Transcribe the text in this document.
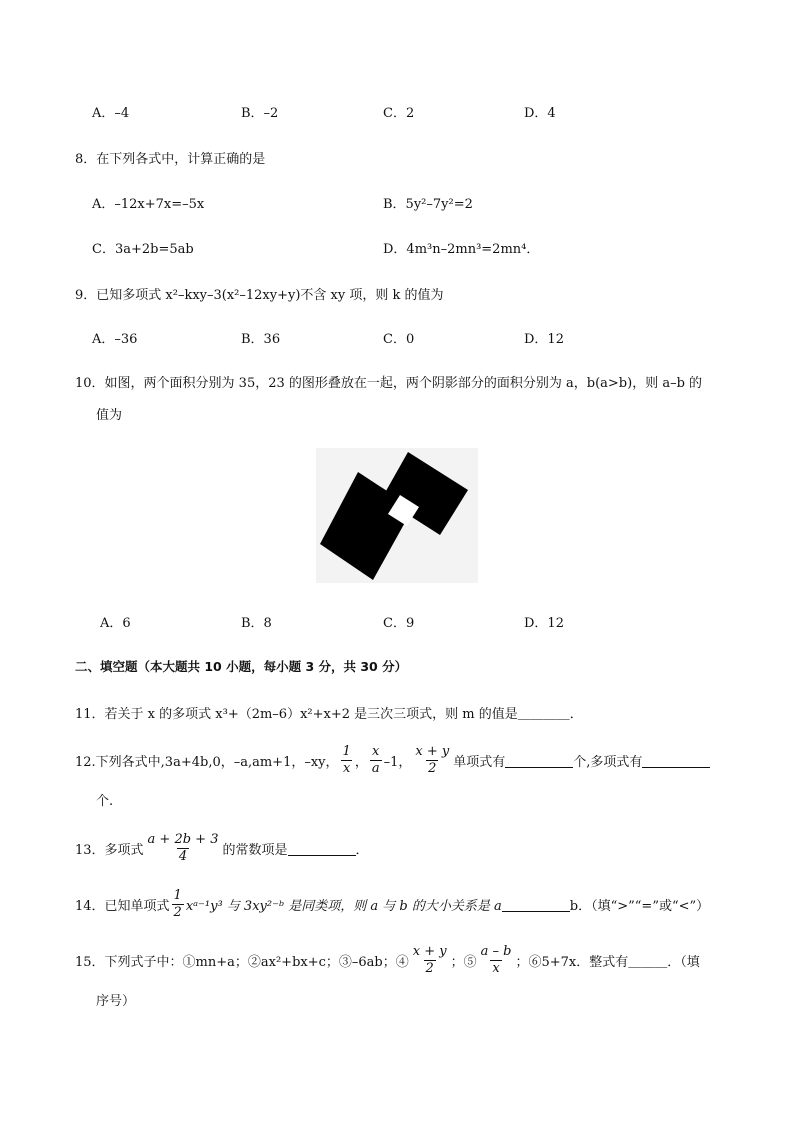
A．–4	B．–2	C．2	D．4
8．在下列各式中，计算正确的是
A．–12x+7x=–5x	B．5y²–7y²=2
C．3a+2b=5ab	D．4m³n–2mn³=2mn⁴．
9．已知多项式 x²–kxy–3(x²–12xy+y)不含 xy 项，则 k 的值为
A．–36	B．36	C．0	D．12
10．如图，两个面积分别为 35，23 的图形叠放在一起，两个阴影部分的面积分别为 a，b(a>b)，则 a–b 的
值为
A．6	B．8	C．9	D．12
二、填空题（本大题共 10 小题，每小题 3 分，共 30 分）
11．若关于 x 的多项式 x³+（2m–6）x²+x+2 是三次三项式，则 m 的值是＿＿＿＿．
12.下列各式中,3a+4b,0，–a,am+1，–xy， $\frac{1}{x}$ ， $\frac{x}{a} -1$， $\frac{x + y}{2}$ 单项式有	个,多项式有
个.
13．多项式 $\frac{a + 2b + 3}{4}$ 的常数项是	．
14．已知单项式 $\frac{1}{2}$ xᵃ⁻¹y³ 与 3xy²⁻ᵇ 是同类项，则 a 与 b 的大小关系是 a	b．（填“>”“=”或“<”）
15．下列式子中：①mn+a；②ax²+bx+c；③–6ab；④ $\frac{x + y}{2}$ ；⑤ $\frac{a - b}{x}$ ；⑥5+7x．整式有＿＿＿．（填
序号）
